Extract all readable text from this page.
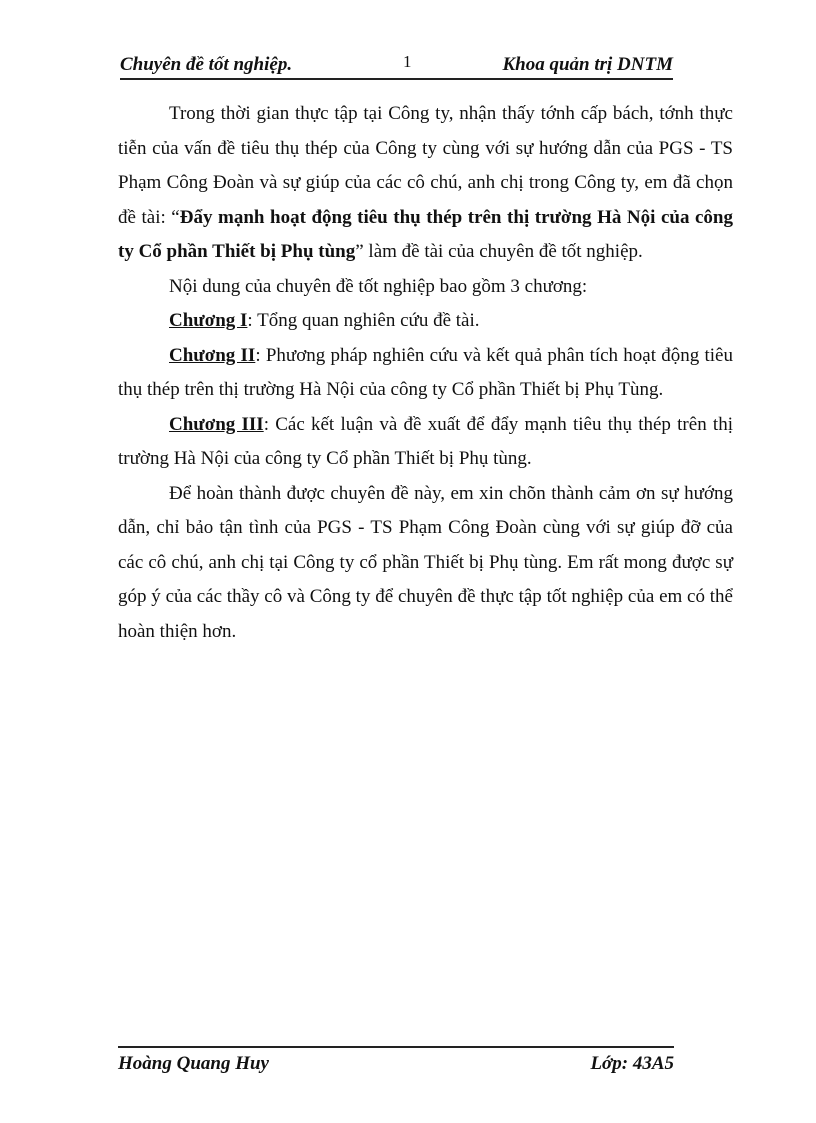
Chuyên đề tốt nghiệp.	1	Khoa quản trị DNTM

Trong thời gian thực tập tại Công ty, nhận thấy tớnh cấp bách, tớnh thực tiễn của vấn đề tiêu thụ thép của Công ty cùng với sự hướng dẫn của PGS - TS Phạm Công Đoàn và sự giúp của các cô chú, anh chị trong Công ty, em đã chọn đề tài: “Đẩy mạnh hoạt động tiêu thụ thép trên thị trường Hà Nội của công ty Cổ phần Thiết bị Phụ tùng” làm đề tài của chuyên đề tốt nghiệp.

Nội dung của chuyên đề tốt nghiệp bao gồm 3 chương:

Chương I: Tổng quan nghiên cứu đề tài.

Chương II: Phương pháp nghiên cứu và kết quả phân tích hoạt động tiêu thụ thép trên thị trường Hà Nội của công ty Cổ phần Thiết bị Phụ Tùng.

Chương III: Các kết luận và đề xuất để đẩy mạnh tiêu thụ thép trên thị trường Hà Nội của công ty Cổ phần Thiết bị Phụ tùng.

Để hoàn thành được chuyên đề này, em xin chõn thành cảm ơn sự hướng dẫn, chỉ bảo tận tình của PGS - TS Phạm Công Đoàn cùng với sự giúp đỡ của các cô chú, anh chị tại Công ty cổ phần Thiết bị Phụ tùng. Em rất mong được sự góp ý của các thầy cô và Công ty để chuyên đề thực tập tốt nghiệp của em có thể hoàn thiện hơn.

Hoàng Quang Huy	Lớp: 43A5
